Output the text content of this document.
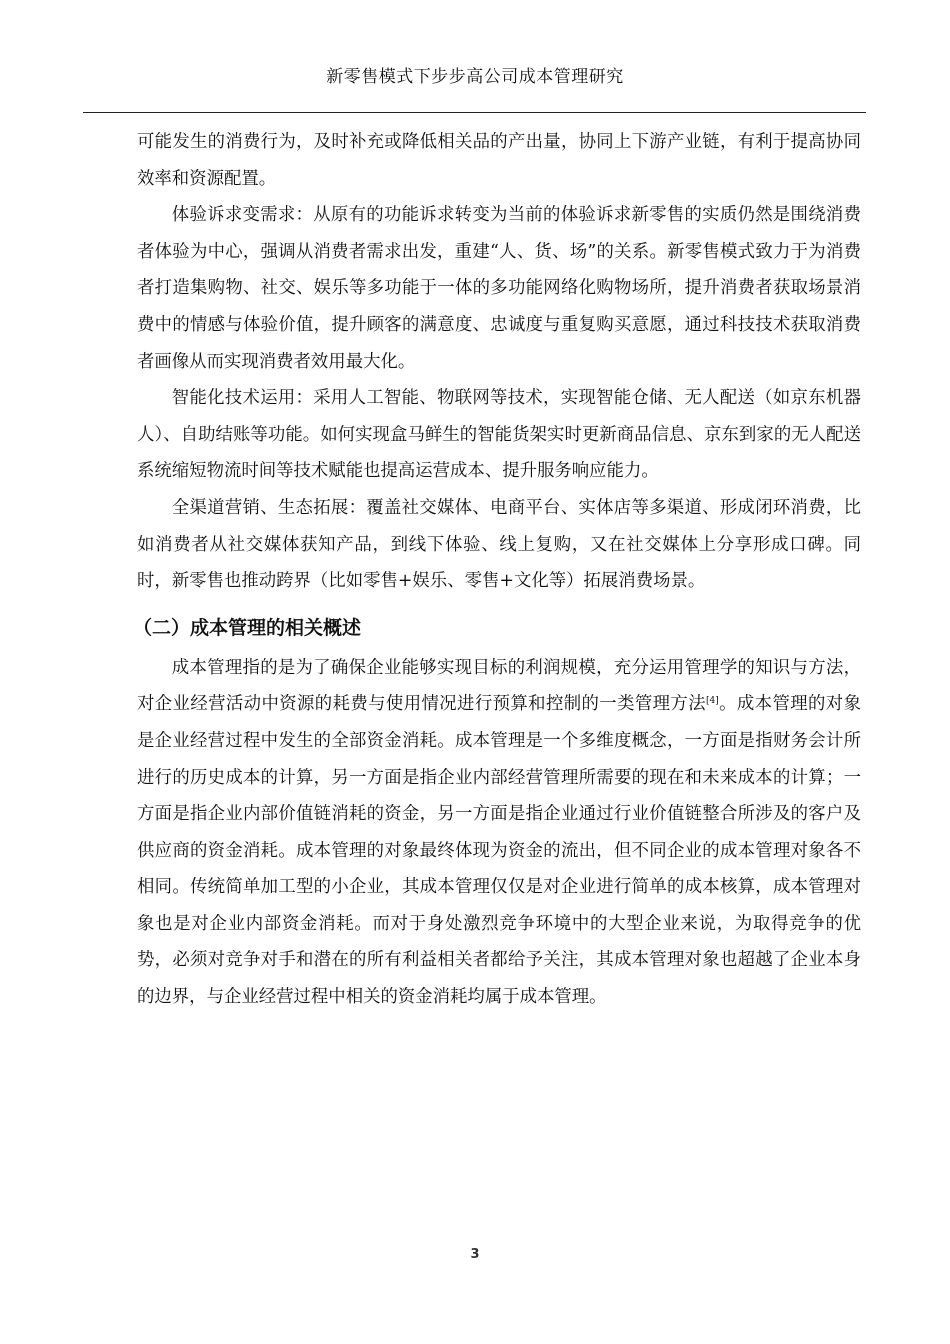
新零售模式下步步高公司成本管理研究

可能发生的消费行为，及时补充或降低相关品的产出量，协同上下游产业链，有利于提高协同效率和资源配置。

体验诉求变需求：从原有的功能诉求转变为当前的体验诉求新零售的实质仍然是围绕消费者体验为中心，强调从消费者需求出发，重建“人、货、场”的关系。新零售模式致力于为消费者打造集购物、社交、娱乐等多功能于一体的多功能网络化购物场所，提升消费者获取场景消费中的情感与体验价值，提升顾客的满意度、忠诚度与重复购买意愿，通过科技技术获取消费者画像从而实现消费者效用最大化。

智能化技术运用：采用人工智能、物联网等技术，实现智能仓储、无人配送（如京东机器人）、自助结账等功能。如何实现盒马鲜生的智能货架实时更新商品信息、京东到家的无人配送系统缩短物流时间等技术赋能也提高运营成本、提升服务响应能力。

全渠道营销、生态拓展：覆盖社交媒体、电商平台、实体店等多渠道、形成闭环消费，比如消费者从社交媒体获知产品，到线下体验、线上复购，又在社交媒体上分享形成口碑。同时，新零售也推动跨界（比如零售+娱乐、零售+文化等）拓展消费场景。

（二）成本管理的相关概述

成本管理指的是为了确保企业能够实现目标的利润规模，充分运用管理学的知识与方法，对企业经营活动中资源的耗费与使用情况进行预算和控制的一类管理方法[4]。成本管理的对象是企业经营过程中发生的全部资金消耗。成本管理是一个多维度概念，一方面是指财务会计所进行的历史成本的计算，另一方面是指企业内部经营管理所需要的现在和未来成本的计算；一方面是指企业内部价值链消耗的资金，另一方面是指企业通过行业价值链整合所涉及的客户及供应商的资金消耗。成本管理的对象最终体现为资金的流出，但不同企业的成本管理对象各不相同。传统简单加工型的小企业，其成本管理仅仅是对企业进行简单的成本核算，成本管理对象也是对企业内部资金消耗。而对于身处激烈竞争环境中的大型企业来说，为取得竞争的优势，必须对竞争对手和潜在的所有利益相关者都给予关注，其成本管理对象也超越了企业本身的边界，与企业经营过程中相关的资金消耗均属于成本管理。

3
